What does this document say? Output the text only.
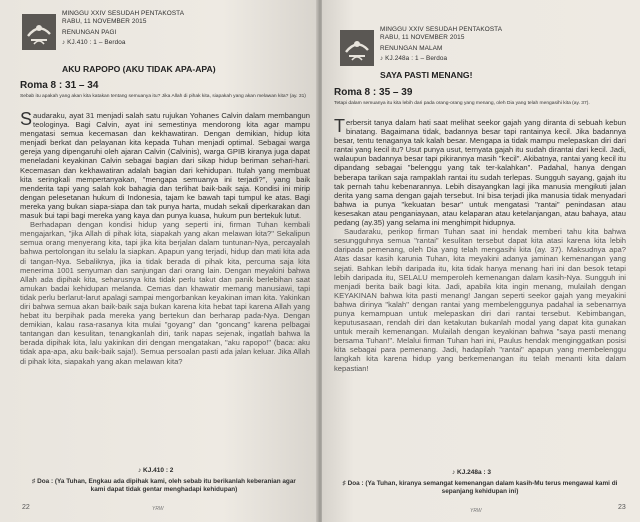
MINGGU XXIV SESUDAH PENTAKOSTA
RABU, 11 NOVEMBER 2015
RENUNGAN PAGI
♪ KJ.410 : 1 – Berdoa
AKU RAPOPO (AKU TIDAK APA-APA)
Roma 8 : 31 – 34
Sebab itu apakah yang akan kita katakan tentang semuanya itu? Jika Allah di pihak kita, siapakah yang akan melawan kita? (ay. 31)

Saudaraku, ayat 31 menjadi salah satu rujukan Yohanes Calvin dalam membangun teologinya. Bagi Calvin, ayat ini semestinya mendorong kita agar mampu mengatasi semua kecemasan dan kekhawatiran. Dengan demikian, hidup kita menjadi berkat dan pelayanan kita kepada Tuhan menjadi optimal. Sebagai warga gereja yang dipengaruhi oleh ajaran Calvin (Calvinis), warga GPIB kiranya juga dapat meneladani keyakinan Calvin sebagai bagian dari sikap hidup beriman sehari-hari. Kecemasan dan kekhawatiran adalah bagian dari kehidupan. Itulah yang membuat kita seringkali mempertanyakan, "mengapa semuanya ini terjadi?", yang baik menderita tapi yang salah kok bahagia dan terlihat baik-baik saja. Kondisi ini mirip dengan pelesetanan hukum di Indonesia, tajam ke bawah tapi tumpul ke atas. Bagi mereka yang bukan siapa-siapa dan tak punya harta, mudah sekali diperkarakan dan masuk bui tapi bagi mereka yang kaya dan punya kuasa, hukum pun bertekuk lutut.

Berhadapan dengan kondisi hidup yang seperti ini, firman Tuhan kembali mengajarkan, "jika Allah di pihak kita, siapakah yang akan melawan kita?" Sekalipun semua orang menyerang kita, tapi jika kita berjalan dalam tuntunan-Nya, percayalah bahwa pertolongan itu selalu la siapkan. Apapun yang terjadi, hidup dan mati kita ada di tangan-Nya. Sebaliknya, jika ia tidak berada di pihak kita, percuma saja kita menerima 1001 senyuman dan sanjungan dari orang lain. Dengan meyakini bahwa Allah ada dipihak kita, seharusnya kita tidak perlu takut dan panik berlebihan saat amukan badai kehidupan melanda. Cemas dan khawatir memang manusiawi, tapi tidak perlu berlarut-larut apalagi sampai mengorbankan keyakinan iman kita. Yakinkan diri bahwa semua akan baik-baik saja bukan karena kita hebat tapi karena Allah yang hebat itu berpihak pada mereka yang bertekun dan berharap pada-Nya. Dengan demikian, kalau rasa-rasanya kita mulai "goyang" dan "goncang" karena pelbagai tantangan dan kesulitan, tenangkanlah diri, tarik napas sejenak, ingatlah bahwa la berada dipihak kita, lalu yakinkan diri dengan mengatakan, "aku rapopo!" (baca: aku tidak apa-apa, aku baik-baik saja!). Semua persoalan pasti ada jalan keluar. Jika Allah di pihak kita, siapakah yang akan melawan kita?

♪ KJ.410 : 2
♯ Doa : (Ya Tuhan, Engkau ada dipihak kami, oleh sebab itu berikanlah keberanian agar kami dapat tidak gentar menghadapi kehidupan)
22	YRW
MINGGU XXIV SESUDAH PENTAKOSTA
RABU, 11 NOVEMBER 2015
RENUNGAN MALAM
♪ KJ.248a : 1 – Berdoa
SAYA PASTI MENANG!
Roma 8 : 35 – 39
Tetapi dalam semuanya itu kita lebih dari pada orang-orang yang menang, oleh Dia yang telah mengasihi kita (ay. 37).

Terbersit tanya dalam hati saat melihat seekor gajah yang diranta di sebuah kebun binatang. Bagaimana tidak, badannya besar tapi rantainya kecil. Jika badannya besar, tentu tenaganya tak kalah besar. Mengapa ia tidak mampu melepaskan diri dari rantai yang kecil itu? Usut punya usut, ternyata gajah itu sudah dirantai dari kecil. Jadi, walaupun badannya besar tapi pikirannya masih "kecil". Akibatnya, rantai yang kecil itu dipandang sebagai "belenggu yang tak ter-kalahkan". Padahal, hanya dengan beberapa tarikan saja rampaklah rantai itu sudah terlepas. Sungguh sayang, gajah itu tak pernah tahu kebenarannya. Lebih disayangkan lagi jika manusia mengikuti jalan derita yang sama dengan gajah tersebut. Ini bisa terjadi jika manusia tidak menyadari bahwa ia punya "kekuatan besar" untuk mengatasi "rantai" penindasan atau kesesakan atau penganiayaan, atau kelaparan atau ketelanjangan, atau bahaya, atau pedang (ay.35) yang selama ini menghimpit hidupnya.

Saudaraku, perikop firman Tuhan saat ini hendak memberi tahu kita bahwa sesungguhnya semua "rantai" kesulitan tersebut dapat kita atasi karena kita lebih daripada pemenang, oleh Dia yang telah mengasihi kita (ay. 37). Maksudnya apa? Atas dasar kasih karunia Tuhan, kita meyakini adanya jaminan kemenangan yang sejati. Bahkan lebih daripada itu, kita tidak hanya menang hari ini dan besok tetapi lebih daripada itu, SELALU memperoleh kemenangan dalam kasih-Nya. Sungguh ini menjadi berita baik bagi kita. Jadi, apabila kita ingin menang, mulailah dengan KEYAKINAN bahwa kita pasti menang! Jangan seperti seekor gajah yang meyakini bahwa dirinya "kalah" dengan rantai yang membelenggunya padahal ia sebenarnya punya kemampuan untuk melepaskan diri dari rantai tersebut. Kebimbangan, keputusasaan, rendah diri dan ketakutan bukanlah modal yang dapat kita gunakan untuk meraih kemenangan. Mulailah dengan keyakinan bahwa "saya pasti menang bersama Tuhan!". Melalui firman Tuhan hari ini, Paulus hendak menginggatkan posisi kita sebagai para pemenang. Jadi, hadapilah "rantai" apapun yang membelenggu langkah kita karena hidup yang berkemenangan itu telah menanti kita dalam kepastian!

♪ KJ.248a : 3
♯ Doa : (Ya Tuhan, kiranya semangat kemenangan dalam kasih-Mu terus mengawal kami di sepanjang kehidupan ini)
YRW	23
